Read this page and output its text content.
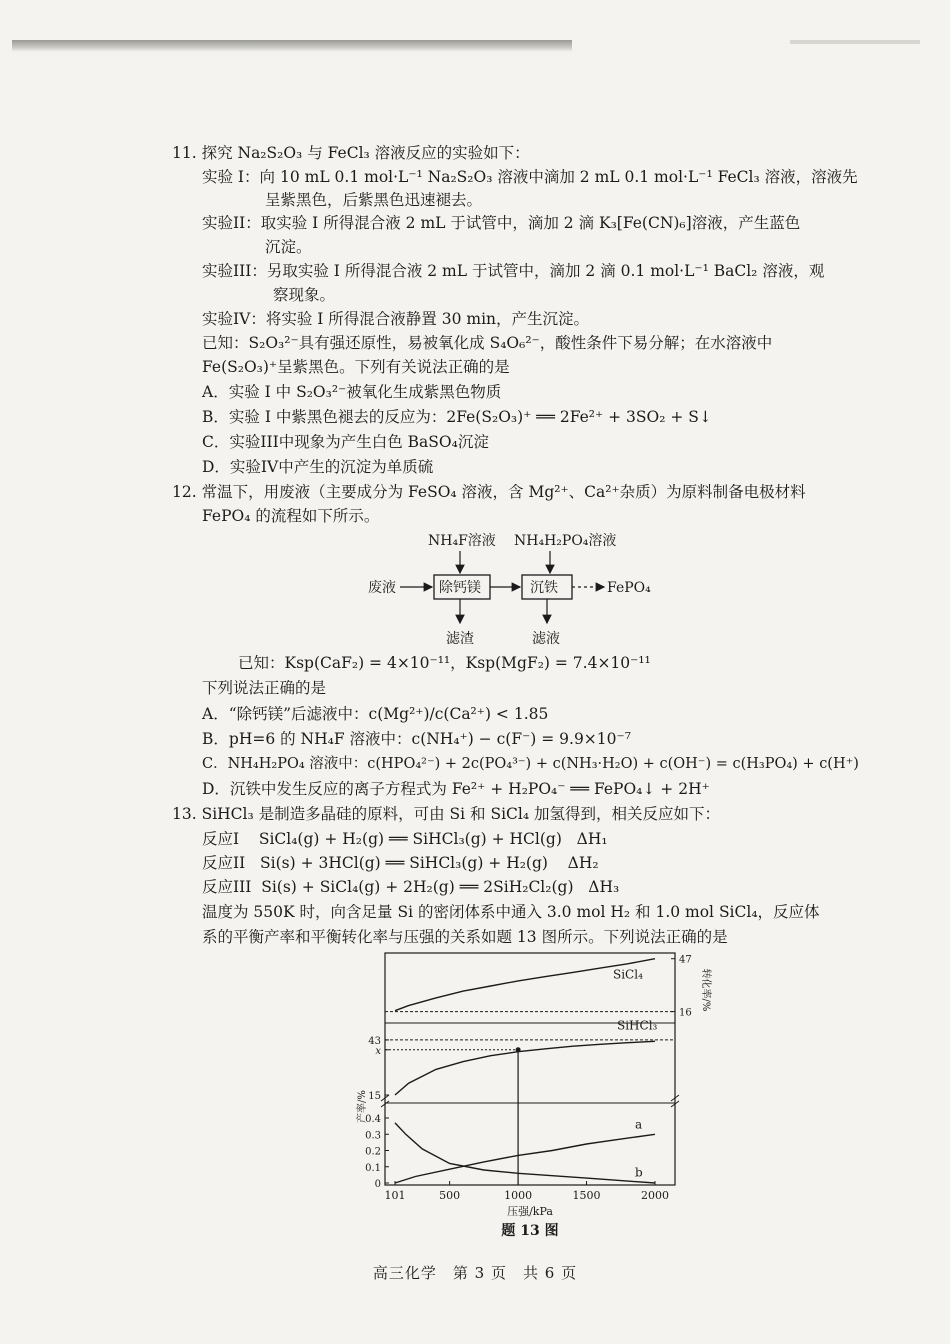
11. 探究 Na₂S₂O₃ 与 FeCl₃ 溶液反应的实验如下：
实验 I：向 10 mL 0.1 mol·L⁻¹ Na₂S₂O₃ 溶液中滴加 2 mL 0.1 mol·L⁻¹ FeCl₃ 溶液，溶液先
呈紫黑色，后紫黑色迅速褪去。
实验II：取实验 I 所得混合液 2 mL 于试管中，滴加 2 滴 K₃[Fe(CN)₆]溶液，产生蓝色
沉淀。
实验III：另取实验 I 所得混合液 2 mL 于试管中，滴加 2 滴 0.1 mol·L⁻¹ BaCl₂ 溶液，观
察现象。
实验IV：将实验 I 所得混合液静置 30 min，产生沉淀。
已知：S₂O₃²⁻具有强还原性，易被氧化成 S₄O₆²⁻，酸性条件下易分解；在水溶液中
Fe(S₂O₃)⁺呈紫黑色。下列有关说法正确的是
A．实验 I 中 S₂O₃²⁻被氧化生成紫黑色物质
B．实验 I 中紫黑色褪去的反应为：2Fe(S₂O₃)⁺ ══ 2Fe²⁺ + 3SO₂ + S↓
C．实验III中现象为产生白色 BaSO₄沉淀
D．实验IV中产生的沉淀为单质硫
12. 常温下，用废液（主要成分为 FeSO₄ 溶液，含 Mg²⁺、Ca²⁺杂质）为原料制备电极材料
FePO₄ 的流程如下所示。
NH₄F溶液 NH₄H₂PO₄溶液
废液	除钙镁	沉铁	FePO₄
滤渣	滤液
已知：Ksp(CaF₂) = 4×10⁻¹¹，Ksp(MgF₂) = 7.4×10⁻¹¹
下列说法正确的是
A．“除钙镁”后滤液中：c(Mg²⁺)/c(Ca²⁺) < 1.85
B．pH=6 的 NH₄F 溶液中：c(NH₄⁺) − c(F⁻) = 9.9×10⁻⁷
C．NH₄H₂PO₄ 溶液中：c(HPO₄²⁻) + 2c(PO₄³⁻) + c(NH₃·H₂O) + c(OH⁻) = c(H₃PO₄) + c(H⁺)
D．沉铁中发生反应的离子方程式为 Fe²⁺ + H₂PO₄⁻ ══ FePO₄↓ + 2H⁺
13. SiHCl₃ 是制造多晶硅的原料，可由 Si 和 SiCl₄ 加氢得到，相关反应如下：
反应I    SiCl₄(g) + H₂(g) ══ SiHCl₃(g) + HCl(g)   ΔH₁
反应II   Si(s) + 3HCl(g) ══ SiHCl₃(g) + H₂(g)    ΔH₂
反应III  Si(s) + SiCl₄(g) + 2H₂(g) ══ 2SiH₂Cl₂(g)   ΔH₃
温度为 550K 时，向含足量 Si 的密闭体系中通入 3.0 mol H₂ 和 1.0 mol SiCl₄，反应体
系的平衡产率和平衡转化率与压强的关系如题 13 图所示。下列说法正确的是
101	500	1000	1500	2000
压强/kPa
题 13 图
0
0.1
0.2
0.3
0.4
43
x
15
47
16
产率/%
转化率/%
SiCl₄
SiHCl₃
a
b
高三化学　第 3 页　共 6 页
